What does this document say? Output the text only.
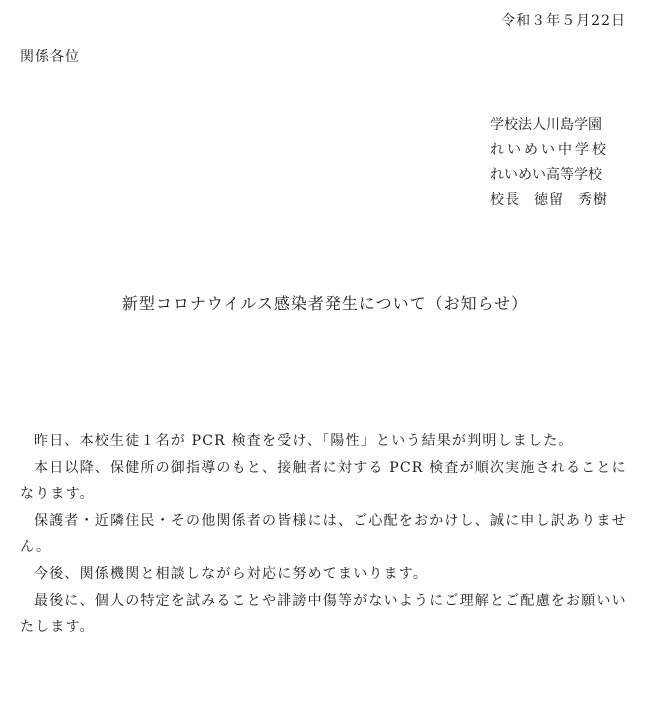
令和３年５月22日
関係各位
学校法人川島学園
れいめい中学校
れいめい高等学校
校長 徳留 秀樹
新型コロナウイルス感染者発生について（お知らせ）

昨日、本校生徒１名が PCR 検査を受け、「陽性」という結果が判明しました。

本日以降、保健所の御指導のもと、接触者に対する PCR 検査が順次実施されることになります。

保護者・近隣住民・その他関係者の皆様には、ご心配をおかけし、誠に申し訳ありません。

今後、関係機関と相談しながら対応に努めてまいります。

最後に、個人の特定を試みることや誹謗中傷等がないようにご理解とご配慮をお願いいたします。
